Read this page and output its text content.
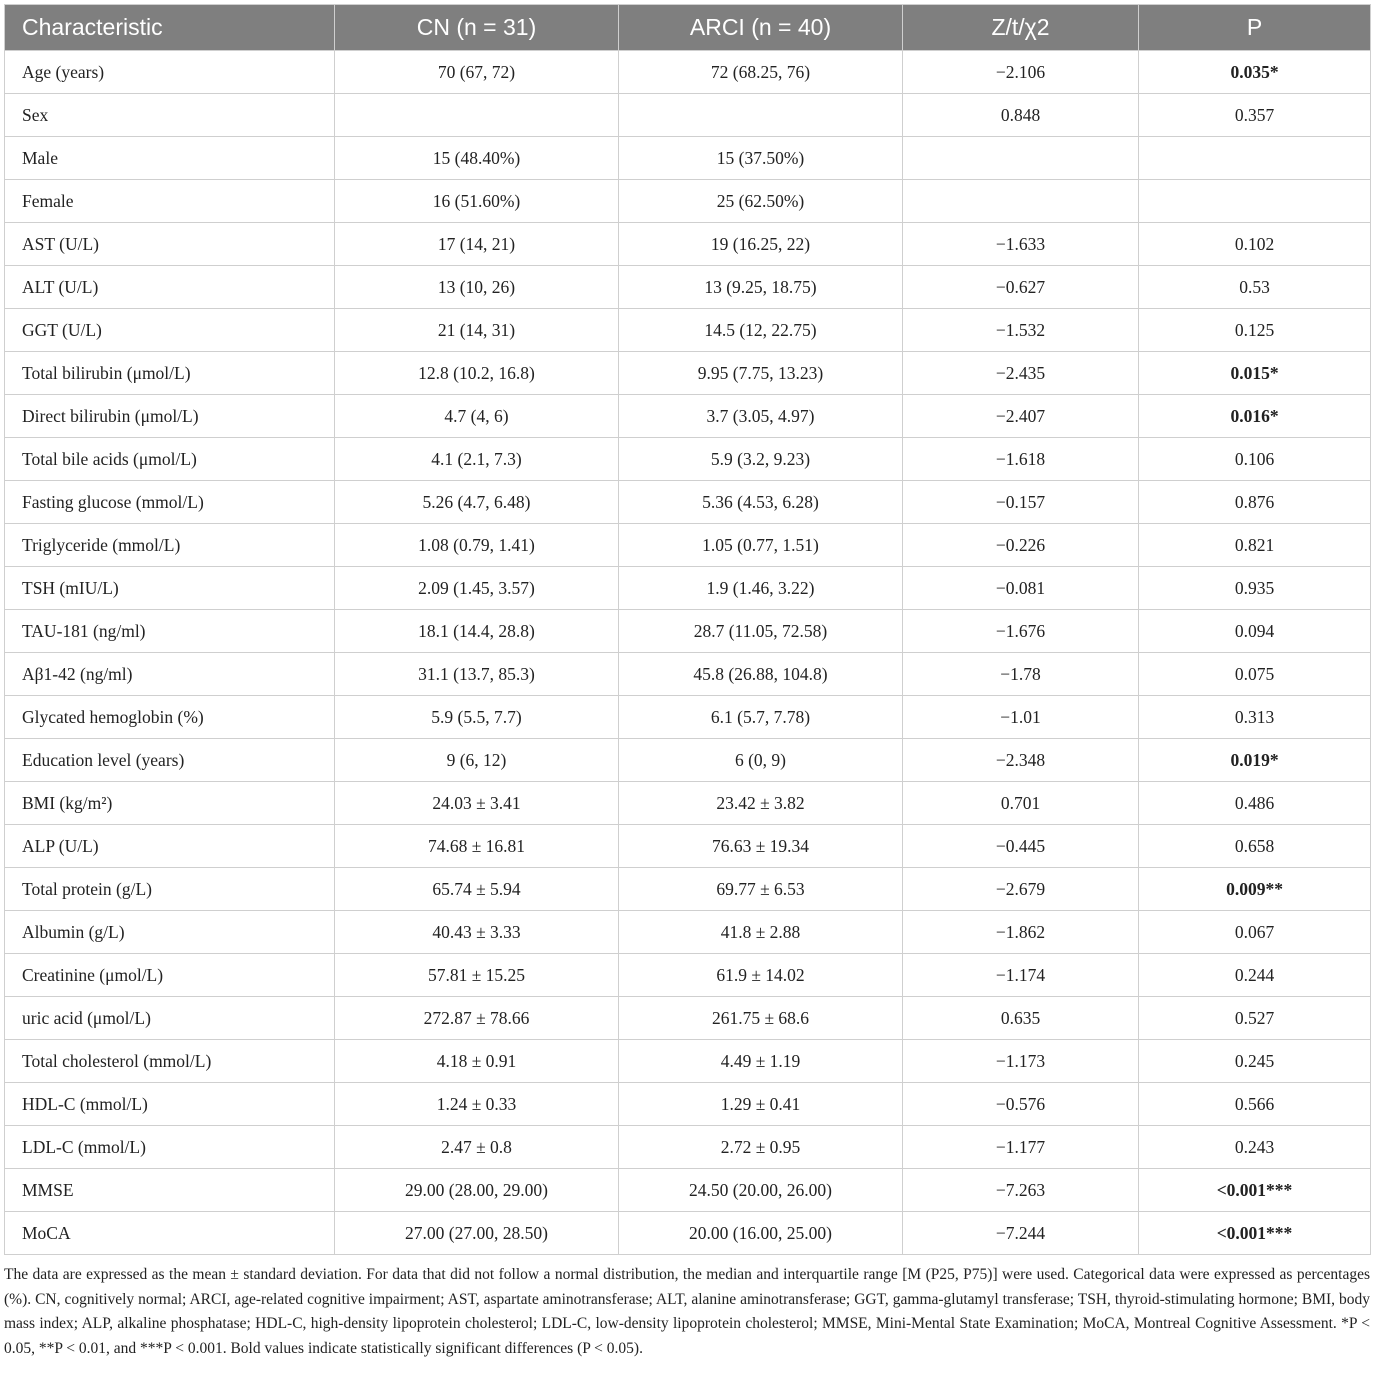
Characteristic	CN (n = 31)	ARCI (n = 40)	Z/t/χ2	P
Age (years)	70 (67, 72)	72 (68.25, 76)	−2.106	0.035*
Sex			0.848	0.357
Male	15 (48.40%)	15 (37.50%)		
Female	16 (51.60%)	25 (62.50%)		
AST (U/L)	17 (14, 21)	19 (16.25, 22)	−1.633	0.102
ALT (U/L)	13 (10, 26)	13 (9.25, 18.75)	−0.627	0.53
GGT (U/L)	21 (14, 31)	14.5 (12, 22.75)	−1.532	0.125
Total bilirubin (μmol/L)	12.8 (10.2, 16.8)	9.95 (7.75, 13.23)	−2.435	0.015*
Direct bilirubin (μmol/L)	4.7 (4, 6)	3.7 (3.05, 4.97)	−2.407	0.016*
Total bile acids (μmol/L)	4.1 (2.1, 7.3)	5.9 (3.2, 9.23)	−1.618	0.106
Fasting glucose (mmol/L)	5.26 (4.7, 6.48)	5.36 (4.53, 6.28)	−0.157	0.876
Triglyceride (mmol/L)	1.08 (0.79, 1.41)	1.05 (0.77, 1.51)	−0.226	0.821
TSH (mIU/L)	2.09 (1.45, 3.57)	1.9 (1.46, 3.22)	−0.081	0.935
TAU-181 (ng/ml)	18.1 (14.4, 28.8)	28.7 (11.05, 72.58)	−1.676	0.094
Aβ1-42 (ng/ml)	31.1 (13.7, 85.3)	45.8 (26.88, 104.8)	−1.78	0.075
Glycated hemoglobin (%)	5.9 (5.5, 7.7)	6.1 (5.7, 7.78)	−1.01	0.313
Education level (years)	9 (6, 12)	6 (0, 9)	−2.348	0.019*
BMI (kg/m²)	24.03 ± 3.41	23.42 ± 3.82	0.701	0.486
ALP (U/L)	74.68 ± 16.81	76.63 ± 19.34	−0.445	0.658
Total protein (g/L)	65.74 ± 5.94	69.77 ± 6.53	−2.679	0.009**
Albumin (g/L)	40.43 ± 3.33	41.8 ± 2.88	−1.862	0.067
Creatinine (μmol/L)	57.81 ± 15.25	61.9 ± 14.02	−1.174	0.244
uric acid (μmol/L)	272.87 ± 78.66	261.75 ± 68.6	0.635	0.527
Total cholesterol (mmol/L)	4.18 ± 0.91	4.49 ± 1.19	−1.173	0.245
HDL-C (mmol/L)	1.24 ± 0.33	1.29 ± 0.41	−0.576	0.566
LDL-C (mmol/L)	2.47 ± 0.8	2.72 ± 0.95	−1.177	0.243
MMSE	29.00 (28.00, 29.00)	24.50 (20.00, 26.00)	−7.263	<0.001***
MoCA	27.00 (27.00, 28.50)	20.00 (16.00, 25.00)	−7.244	<0.001***

The data are expressed as the mean ± standard deviation. For data that did not follow a normal distribution, the median and interquartile range [M (P25, P75)] were used. Categorical data were expressed as percentages (%). CN, cognitively normal; ARCI, age-related cognitive impairment; AST, aspartate aminotransferase; ALT, alanine aminotransferase; GGT, gamma-glutamyl transferase; TSH, thyroid-stimulating hormone; BMI, body mass index; ALP, alkaline phosphatase; HDL-C, high-density lipoprotein cholesterol; LDL-C, low-density lipoprotein cholesterol; MMSE, Mini-Mental State Examination; MoCA, Montreal Cognitive Assessment. *P < 0.05, **P < 0.01, and ***P < 0.001. Bold values indicate statistically significant differences (P < 0.05).
